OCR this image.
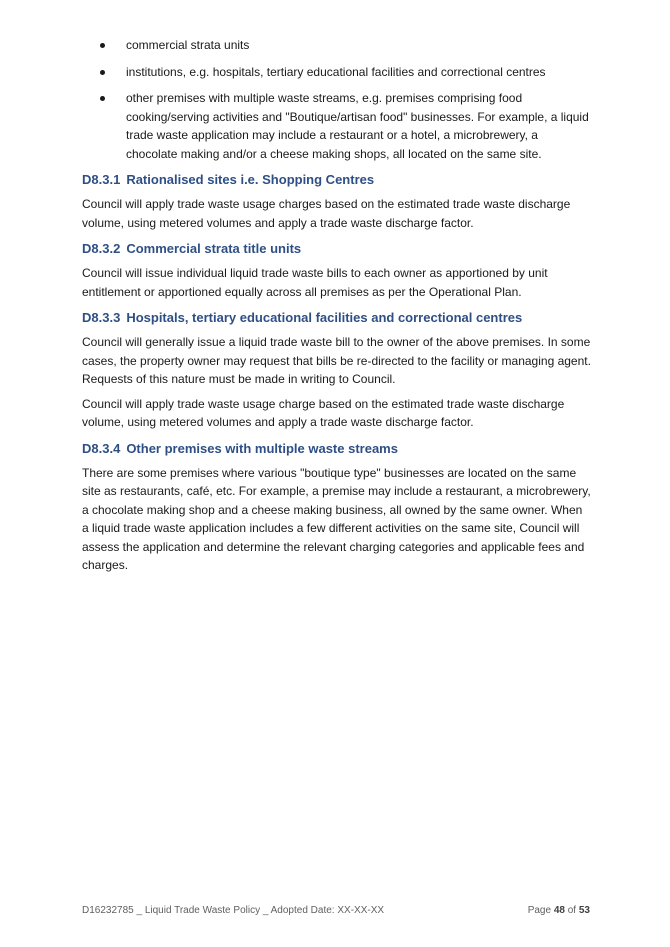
commercial strata units
institutions, e.g. hospitals, tertiary educational facilities and correctional centres
other premises with multiple waste streams, e.g. premises comprising food cooking/serving activities and "Boutique/artisan food" businesses. For example, a liquid trade waste application may include a restaurant or a hotel, a microbrewery, a chocolate making and/or a cheese making shops, all located on the same site.
D8.3.1 Rationalised sites i.e. Shopping Centres

Council will apply trade waste usage charges based on the estimated trade waste discharge volume, using metered volumes and apply a trade waste discharge factor.

D8.3.2 Commercial strata title units

Council will issue individual liquid trade waste bills to each owner as apportioned by unit entitlement or apportioned equally across all premises as per the Operational Plan.

D8.3.3 Hospitals, tertiary educational facilities and correctional centres

Council will generally issue a liquid trade waste bill to the owner of the above premises. In some cases, the property owner may request that bills be re-directed to the facility or managing agent. Requests of this nature must be made in writing to Council.

Council will apply trade waste usage charge based on the estimated trade waste discharge volume, using metered volumes and apply a trade waste discharge factor.

D8.3.4 Other premises with multiple waste streams

There are some premises where various "boutique type" businesses are located on the same site as restaurants, café, etc. For example, a premise may include a restaurant, a microbrewery, a chocolate making shop and a cheese making business, all owned by the same owner. When a liquid trade waste application includes a few different activities on the same site, Council will assess the application and determine the relevant charging categories and applicable fees and charges.

D16232785 _ Liquid Trade Waste Policy _ Adopted Date: XX-XX-XX	Page 48 of 53
